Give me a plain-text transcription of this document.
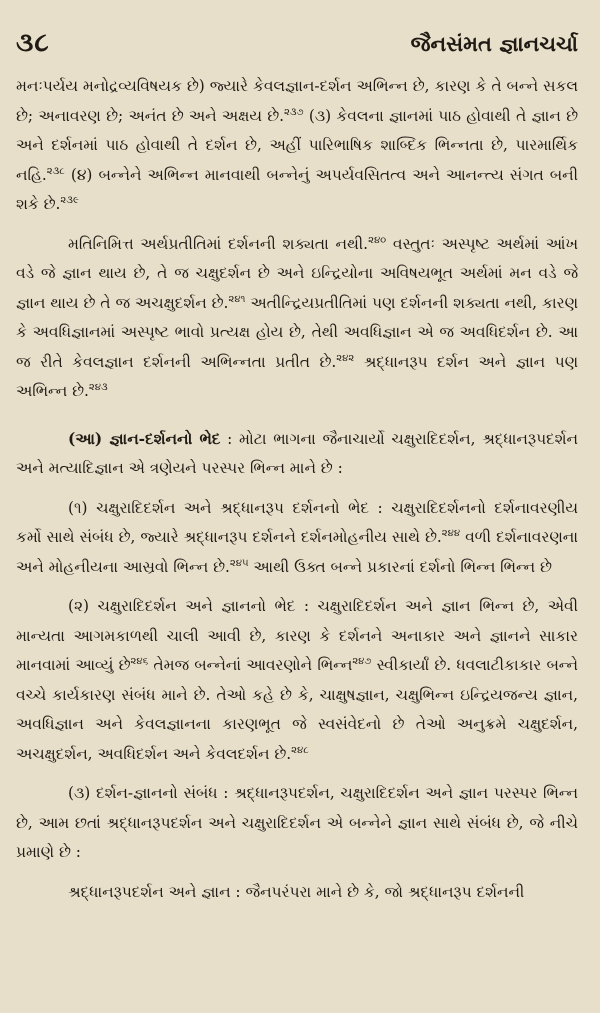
૩૮	જૈનસંમત જ્ઞાનચર્ચા

મનઃપર્યય મનોદ્રવ્યવિષયક છે) જ્યારે કેવલજ્ઞાન-દર્શન અભિન્ન છે, કારણ કે તે બન્ને સકલ છે; અનાવરણ છે; અનંત છે અને અક્ષય છે.$^{૨૩૭}$ (૩) કેવલના જ્ઞાનમાં પાઠ હોવાથી તે જ્ઞાન છે અને દર્શનમાં પાઠ હોવાથી તે દર્શન છે, અહીં પારિભાષિક શાબ્દિક ભિન્નતા છે, પારમાર્થિક નહિ.$^{૨૩૮}$ (૪) બન્નેને અભિન્ન માનવાથી બન્નેનું અપર્યવસિતત્વ અને આનન્ત્ય સંગત બની શકે છે.$^{૨૩૯}$

મતિનિમિત્ત અર્થપ્રતીતિમાં દર્શનની શક્યતા નથી.$^{૨૪૦}$ વસ્તુતઃ અસ્પૃષ્ટ અર્થમાં આંખ વડે જે જ્ઞાન થાય છે, તે જ ચક્ષુદર્શન છે અને ઇન્દ્રિયોના અવિષયભૂત અર્થમાં મન વડે જે જ્ઞાન થાય છે તે જ અચક્ષુદર્શન છે.$^{૨૪૧}$ અતીન્દ્રિયપ્રતીતિમાં પણ દર્શનની શક્યતા નથી, કારણ કે અવધિજ્ઞાનમાં અસ્પૃષ્ટ ભાવો પ્રત્યક્ષ હોય છે, તેથી અવધિજ્ઞાન એ જ અવધિદર્શન છે. આ જ રીતે કેવલજ્ઞાન દર્શનની અભિન્નતા પ્રતીત છે.$^{૨૪૨}$ શ્રદ્ધાનરૂપ દર્શન અને જ્ઞાન પણ અભિન્ન છે.$^{૨૪૩}$

(આ) જ્ઞાન-દર્શનનો ભેદ : મોટા ભાગના જૈનાચાર્યો ચક્ષુરાદિદર્શન, શ્રદ્ધાનરૂપદર્શન અને મત્યાદિજ્ઞાન એ ત્રણેયને પરસ્પર ભિન્ન માને છે :

(૧) ચક્ષુરાદિદર્શન અને શ્રદ્ધાનરૂપ દર્શનનો ભેદ : ચક્ષુરાદિદર્શનનો દર્શનાવરણીય કર્મો સાથે સંબંધ છે, જ્યારે શ્રદ્ધાનરૂપ દર્શનને દર્શનમોહનીય સાથે છે.$^{૨૪૪}$ વળી દર્શનાવરણના અને મોહનીયના આસ્રવો ભિન્ન છે.$^{૨૪૫}$ આથી ઉક્ત બન્ને પ્રકારનાં દર્શનો ભિન્ન ભિન્ન છે

(૨) ચક્ષુરાદિદર્શન અને જ્ઞાનનો ભેદ : ચક્ષુરાદિદર્શન અને જ્ઞાન ભિન્ન છે, એવી માન્યતા આગમકાળથી ચાલી આવી છે, કારણ કે દર્શનને અનાકાર અને જ્ઞાનને સાકાર માનવામાં આવ્યું છે$^{૨૪૬}$ તેમજ બન્નેનાં આવરણોને ભિન્ન$^{૨૪૭}$ સ્વીકાર્યાં છે. ધવલાટીકાકાર બન્ને વચ્ચે કાર્યકારણ સંબંધ માને છે. તેઓ કહે છે કે, ચાક્ષુષજ્ઞાન, ચક્ષુભિન્ન ઇન્દ્રિયજન્ય જ્ઞાન, અવધિજ્ઞાન અને કેવલજ્ઞાનના કારણભૂત જે સ્વસંવેદનો છે તેઓ અનુક્રમે ચક્ષુદર્શન, અચક્ષુદર્શન, અવધિદર્શન અને કેવલદર્શન છે.$^{૨૪૮}$

(૩) દર્શન-જ્ઞાનનો સંબંધ : શ્રદ્ધાનરૂપદર્શન, ચક્ષુરાદિદર્શન અને જ્ઞાન પરસ્પર ભિન્ન છે, આમ છતાં શ્રદ્ધાનરૂપદર્શન અને ચક્ષુરાદિદર્શન એ બન્નેને જ્ઞાન સાથે સંબંધ છે, જે નીચે પ્રમાણે છે :

શ્રદ્ધાનરૂપદર્શન અને જ્ઞાન : જૈનપરંપરા માને છે કે, જો શ્રદ્ધાનરૂપ દર્શનની
